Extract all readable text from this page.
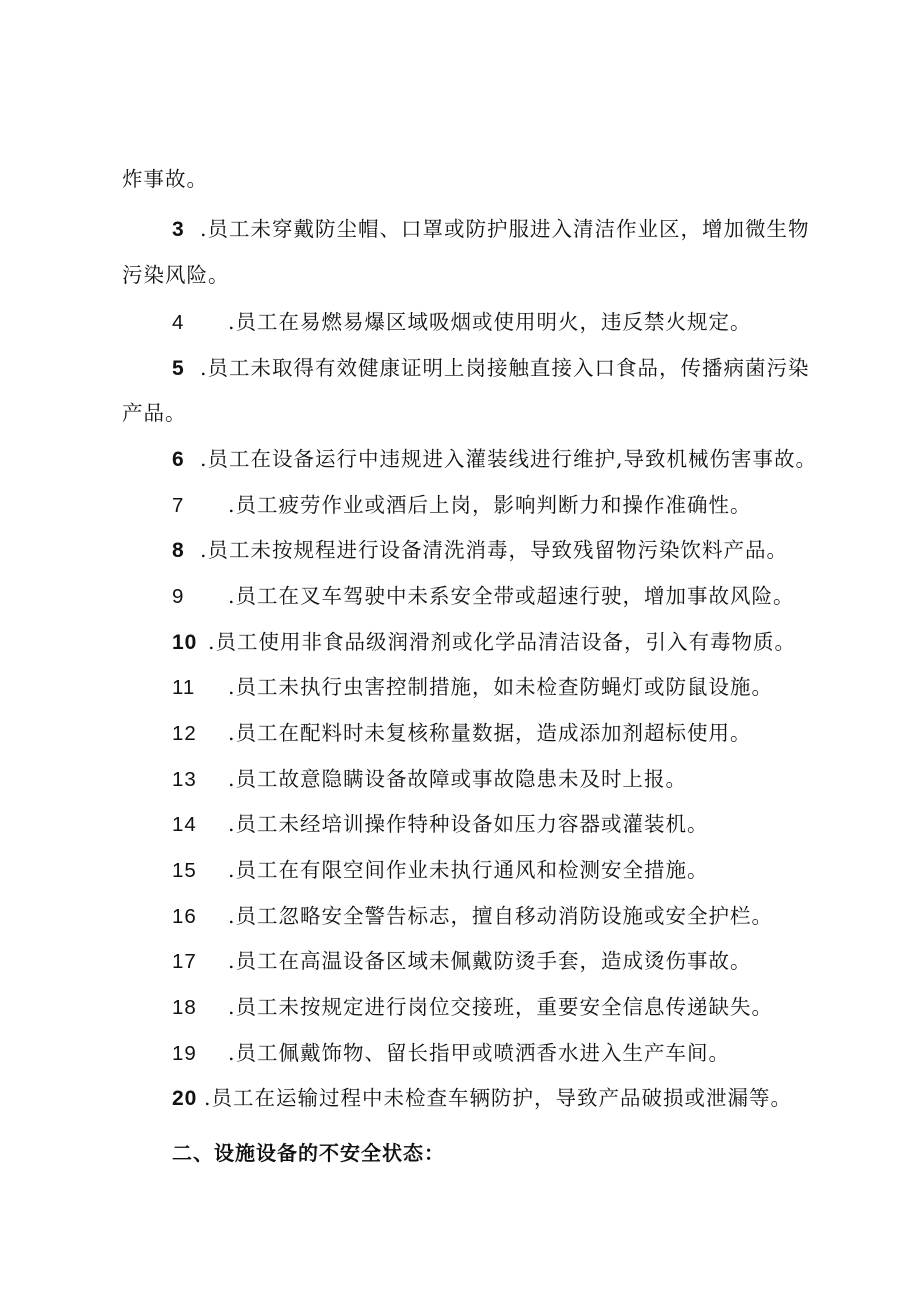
炸事故。
3 .员工未穿戴防尘帽、口罩或防护服进入清洁作业区，增加微生物
污染风险。
4 .员工在易燃易爆区域吸烟或使用明火，违反禁火规定。
5 .员工未取得有效健康证明上岗接触直接入口食品，传播病菌污染
产品。
6 .员工在设备运行中违规进入灌装线进行维护,导致机械伤害事故。
7 .员工疲劳作业或酒后上岗，影响判断力和操作准确性。
8 .员工未按规程进行设备清洗消毒，导致残留物污染饮料产品。
9 .员工在叉车驾驶中未系安全带或超速行驶，增加事故风险。
10 .员工使用非食品级润滑剂或化学品清洁设备，引入有毒物质。
11 .员工未执行虫害控制措施，如未检查防蝇灯或防鼠设施。
12 .员工在配料时未复核称量数据，造成添加剂超标使用。
13 .员工故意隐瞒设备故障或事故隐患未及时上报。
14 .员工未经培训操作特种设备如压力容器或灌装机。
15 .员工在有限空间作业未执行通风和检测安全措施。
16 .员工忽略安全警告标志，擅自移动消防设施或安全护栏。
17 .员工在高温设备区域未佩戴防烫手套，造成烫伤事故。
18 .员工未按规定进行岗位交接班，重要安全信息传递缺失。
19 .员工佩戴饰物、留长指甲或喷洒香水进入生产车间。
20 .员工在运输过程中未检查车辆防护，导致产品破损或泄漏等。
二、设施设备的不安全状态：
